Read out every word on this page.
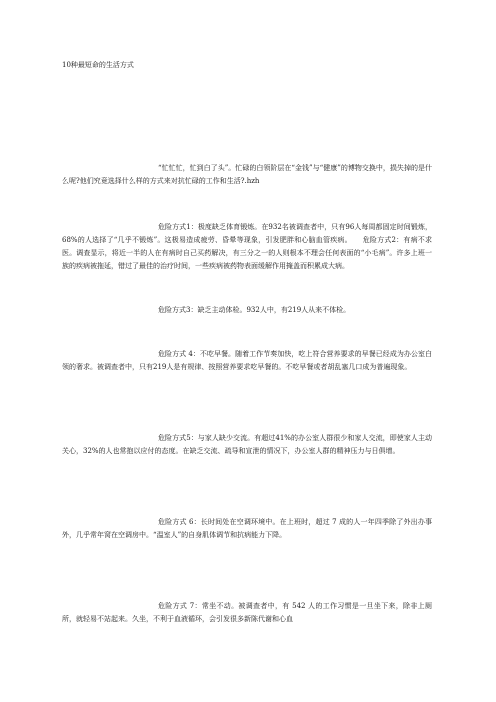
10种最短命的生活方式
“忙忙忙，忙到白了头”。忙碌的白领阶层在“金钱”与“健康”的博物交换中，损失掉的是什么呢?他们究竟选择什么样的方式来对抗忙碌的工作和生活?.hzh
危险方式1：极度缺乏体育锻炼。在932名被调查者中，只有96人每周都固定时间锻炼，68%的人选择了“几乎不锻炼”。这极易造成疲劳、昏晕等现象，引发肥胖和心脑血管疾病。　　危险方式2：有病不求医。调查显示，将近一半的人在有病时自己买药解决，有三分之一的人则根本不理会任何表面的“小毛病”。许多上班一族的疾病被拖延，错过了最佳的治疗时间，一些疾病被药物表面缓解作用掩盖而积累成大病。
危险方式3：缺乏主动体检。932人中，有219人从来不体检。
危险方式 4：不吃早餐。随着工作节奏加快，吃上符合营养要求的早餐已经成为办公室白领的奢求。被调查者中，只有219人是有规律、按照营养要求吃早餐的。不吃早餐或者胡乱塞几口成为普遍现象。
危险方式5：与家人缺少交流。有超过41%的办公室人群很少和家人交流，即使家人主动关心，32%的人也常抱以应付的态度。在缺乏交流、疏导和宣泄的情况下，办公室人群的精神压力与日俱增。
危险方式 6：长时间处在空调环境中。在上班时，超过 7 成的人一年四季除了外出办事外，几乎常年窝在空调房中。“温室人”的自身肌体调节和抗病能力下降。
危险方式 7：常坐不动。被调查者中，有 542 人的工作习惯是一旦坐下来，除非上厕所，就轻易不站起来。久坐，不利于血液循环，会引发很多新陈代谢和心血
